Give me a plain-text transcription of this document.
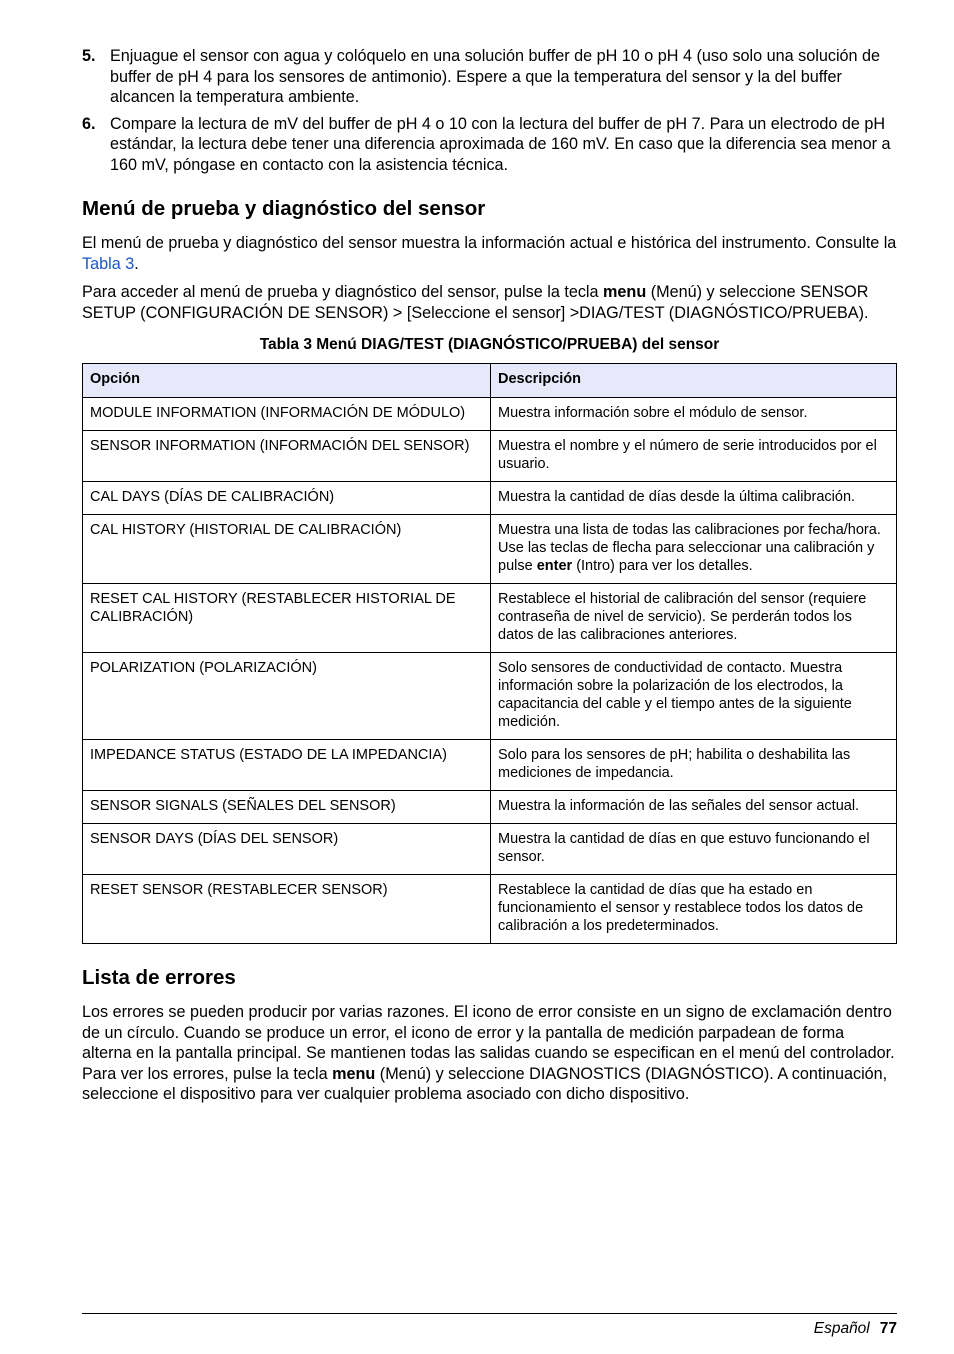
5. Enjuague el sensor con agua y colóquelo en una solución buffer de pH 10 o pH 4 (uso solo una solución de buffer de pH 4 para los sensores de antimonio). Espere a que la temperatura del sensor y la del buffer alcancen la temperatura ambiente.
6. Compare la lectura de mV del buffer de pH 4 o 10 con la lectura del buffer de pH 7. Para un electrodo de pH estándar, la lectura debe tener una diferencia aproximada de 160 mV. En caso que la diferencia sea menor a 160 mV, póngase en contacto con la asistencia técnica.
Menú de prueba y diagnóstico del sensor

El menú de prueba y diagnóstico del sensor muestra la información actual e histórica del instrumento. Consulte la Tabla 3.

Para acceder al menú de prueba y diagnóstico del sensor, pulse la tecla menu (Menú) y seleccione SENSOR SETUP (CONFIGURACIÓN DE SENSOR) > [Seleccione el sensor] >DIAG/TEST (DIAGNÓSTICO/PRUEBA).

Tabla 3 Menú DIAG/TEST (DIAGNÓSTICO/PRUEBA) del sensor
Opción	Descripción
MODULE INFORMATION (INFORMACIÓN DE MÓDULO)	Muestra información sobre el módulo de sensor.
SENSOR INFORMATION (INFORMACIÓN DEL SENSOR)	Muestra el nombre y el número de serie introducidos por el usuario.
CAL DAYS (DÍAS DE CALIBRACIÓN)	Muestra la cantidad de días desde la última calibración.
CAL HISTORY (HISTORIAL DE CALIBRACIÓN)	Muestra una lista de todas las calibraciones por fecha/hora. Use las teclas de flecha para seleccionar una calibración y pulse enter (Intro) para ver los detalles.
RESET CAL HISTORY (RESTABLECER HISTORIAL DE CALIBRACIÓN)	Restablece el historial de calibración del sensor (requiere contraseña de nivel de servicio). Se perderán todos los datos de las calibraciones anteriores.
POLARIZATION (POLARIZACIÓN)	Solo sensores de conductividad de contacto. Muestra información sobre la polarización de los electrodos, la capacitancia del cable y el tiempo antes de la siguiente medición.
IMPEDANCE STATUS (ESTADO DE LA IMPEDANCIA)	Solo para los sensores de pH; habilita o deshabilita las mediciones de impedancia.
SENSOR SIGNALS (SEÑALES DEL SENSOR)	Muestra la información de las señales del sensor actual.
SENSOR DAYS (DÍAS DEL SENSOR)	Muestra la cantidad de días en que estuvo funcionando el sensor.
RESET SENSOR (RESTABLECER SENSOR)	Restablece la cantidad de días que ha estado en funcionamiento el sensor y restablece todos los datos de calibración a los predeterminados.
Lista de errores

Los errores se pueden producir por varias razones. El icono de error consiste en un signo de exclamación dentro de un círculo. Cuando se produce un error, el icono de error y la pantalla de medición parpadean de forma alterna en la pantalla principal. Se mantienen todas las salidas cuando se especifican en el menú del controlador. Para ver los errores, pulse la tecla menu (Menú) y seleccione DIAGNOSTICS (DIAGNÓSTICO). A continuación, seleccione el dispositivo para ver cualquier problema asociado con dicho dispositivo.

Español 77
